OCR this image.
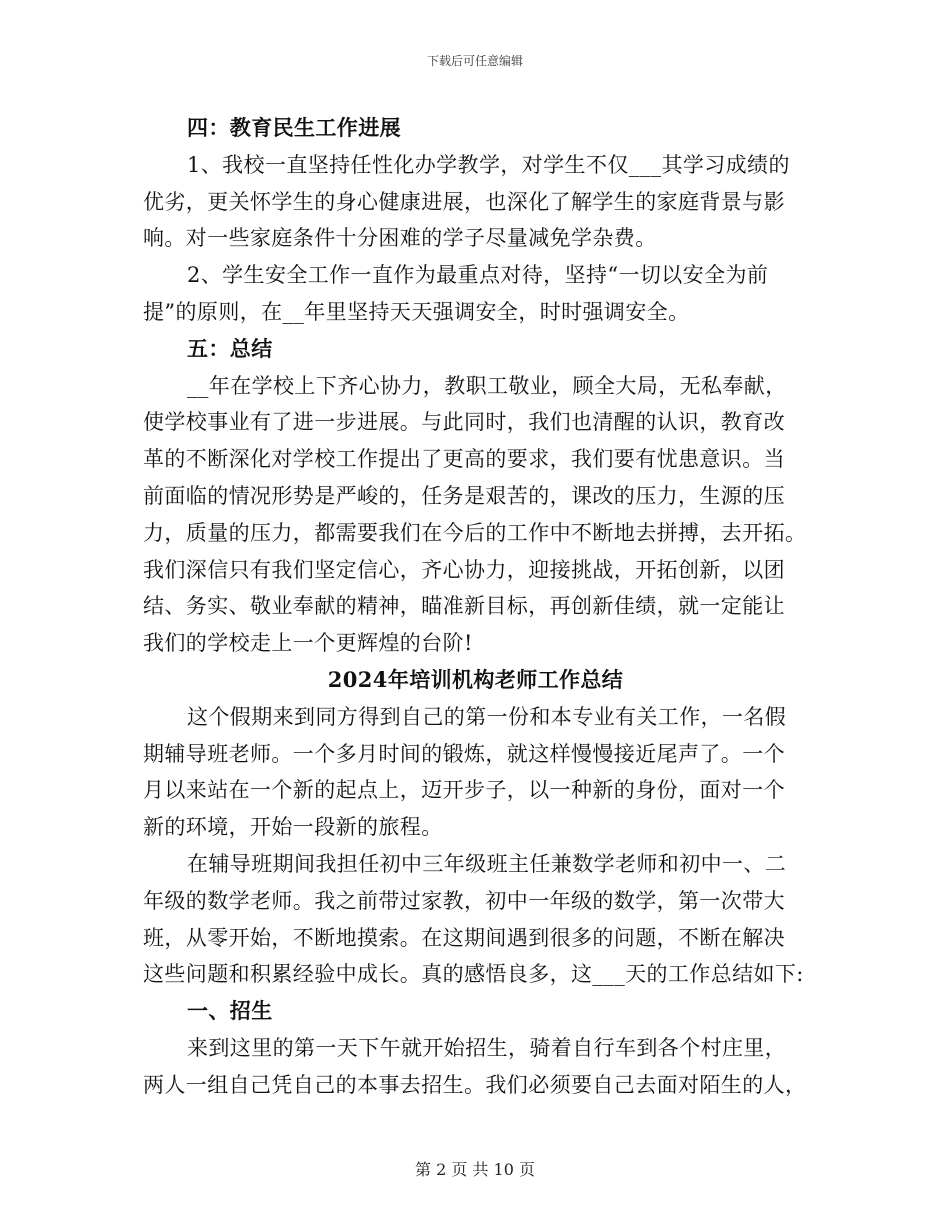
下载后可任意编辑
四：教育民生工作进展
1、我校一直坚持任性化办学教学，对学生不仅___其学习成绩的
优劣，更关怀学生的身心健康进展，也深化了解学生的家庭背景与影
响。对一些家庭条件十分困难的学子尽量减免学杂费。
2、学生安全工作一直作为最重点对待，坚持“一切以安全为前
提”的原则，在__年里坚持天天强调安全，时时强调安全。
五：总结
__年在学校上下齐心协力，教职工敬业，顾全大局，无私奉献，
使学校事业有了进一步进展。与此同时，我们也清醒的认识，教育改
革的不断深化对学校工作提出了更高的要求，我们要有忧患意识。当
前面临的情况形势是严峻的，任务是艰苦的，课改的压力，生源的压
力，质量的压力，都需要我们在今后的工作中不断地去拼搏，去开拓。
我们深信只有我们坚定信心，齐心协力，迎接挑战，开拓创新，以团
结、务实、敬业奉献的精神，瞄准新目标，再创新佳绩，就一定能让
我们的学校走上一个更辉煌的台阶!
2024年培训机构老师工作总结
这个假期来到同方得到自己的第一份和本专业有关工作，一名假
期辅导班老师。一个多月时间的锻炼，就这样慢慢接近尾声了。一个
月以来站在一个新的起点上，迈开步子，以一种新的身份，面对一个
新的环境，开始一段新的旅程。
在辅导班期间我担任初中三年级班主任兼数学老师和初中一、二
年级的数学老师。我之前带过家教，初中一年级的数学，第一次带大
班，从零开始，不断地摸索。在这期间遇到很多的问题，不断在解决
这些问题和积累经验中成长。真的感悟良多，这___天的工作总结如下:
一、招生
来到这里的第一天下午就开始招生，骑着自行车到各个村庄里，
两人一组自己凭自己的本事去招生。我们必须要自己去面对陌生的人，
第 2 页 共 10 页
